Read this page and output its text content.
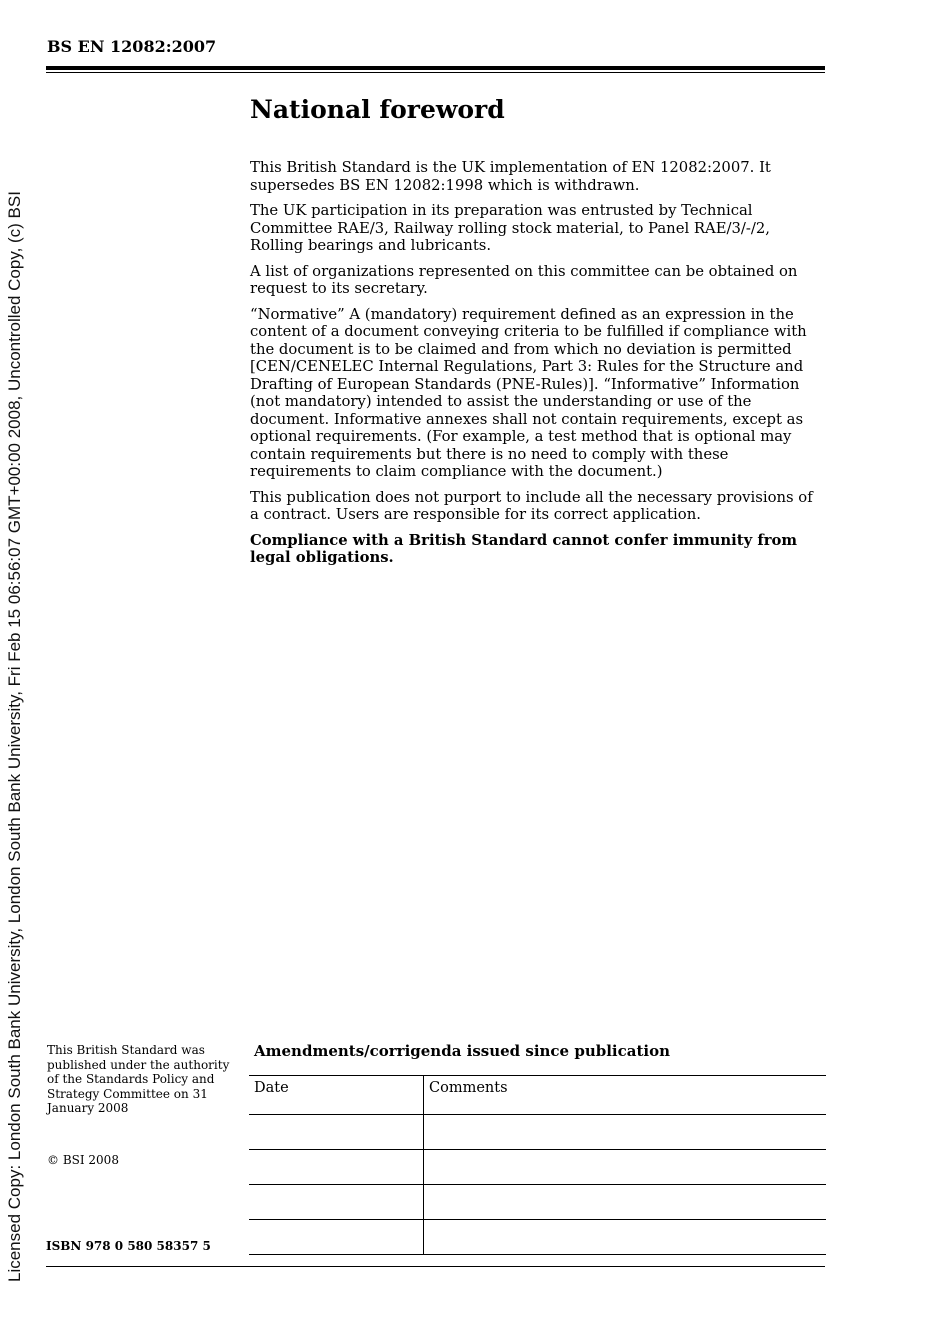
Licensed Copy: London South Bank University, London South Bank University, Fri Feb 15 06:56:07 GMT+00:00 2008, Uncontrolled Copy, (c) BSI
BS EN 12082:2007
National foreword

This British Standard is the UK implementation of EN 12082:2007. It supersedes BS EN 12082:1998 which is withdrawn.

The UK participation in its preparation was entrusted by Technical Committee RAE/3, Railway rolling stock material, to Panel RAE/3/-/2, Rolling bearings and lubricants.

A list of organizations represented on this committee can be obtained on request to its secretary.

“Normative” A (mandatory) requirement defined as an expression in the content of a document conveying criteria to be fulfilled if compliance with the document is to be claimed and from which no deviation is permitted [CEN/CENELEC Internal Regulations, Part 3: Rules for the Structure and Drafting of European Standards (PNE-Rules)]. “Informative” Information (not mandatory) intended to assist the understanding or use of the document. Informative annexes shall not contain requirements, except as optional requirements. (For example, a test method that is optional may contain requirements but there is no need to comply with these requirements to claim compliance with the document.)

This publication does not purport to include all the necessary provisions of a contract. Users are responsible for its correct application.

Compliance with a British Standard cannot confer immunity from legal obligations.

This British Standard was published under the authority of the Standards Policy and Strategy Committee on 31 January 2008
© BSI 2008
ISBN 978 0 580 58357 5
Amendments/corrigenda issued since publication
Date	Comments
